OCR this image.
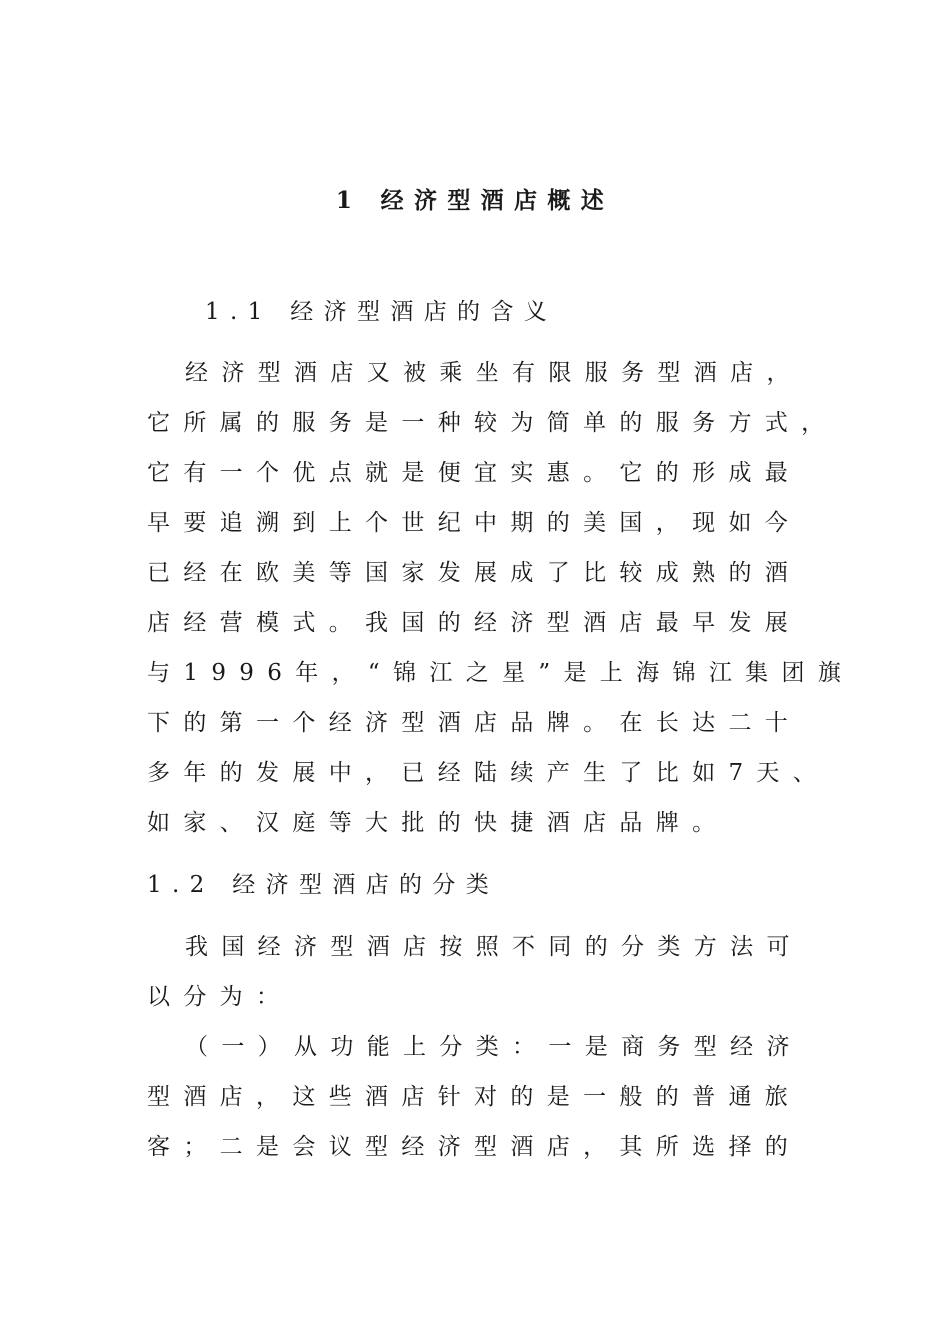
1 经济型酒店概述
1.1 经济型酒店的含义
经济型酒店又被乘坐有限服务型酒店，
它所属的服务是一种较为简单的服务方式，
它有一个优点就是便宜实惠。它的形成最
早要追溯到上个世纪中期的美国，现如今
已经在欧美等国家发展成了比较成熟的酒
店经营模式。我国的经济型酒店最早发展
与1996年，“锦江之星”是上海锦江集团旗
下的第一个经济型酒店品牌。在长达二十
多年的发展中，已经陆续产生了比如7天、
如家、汉庭等大批的快捷酒店品牌。
1.2 经济型酒店的分类
我国经济型酒店按照不同的分类方法可
以分为：
（一）从功能上分类：一是商务型经济
型酒店，这些酒店针对的是一般的普通旅
客；二是会议型经济型酒店，其所选择的
